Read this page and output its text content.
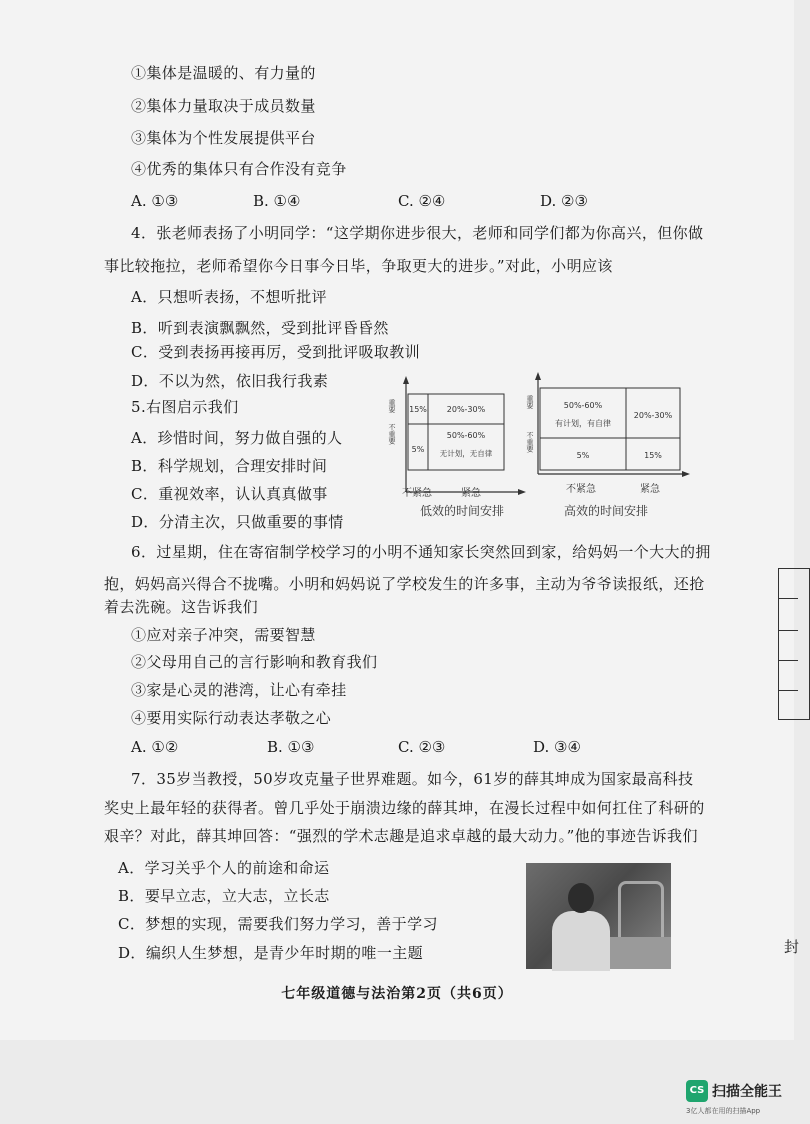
①集体是温暖的、有力量的
②集体力量取决于成员数量
③集体为个性发展提供平台
④优秀的集体只有合作没有竞争
A. ①③	B. ①④	C. ②④	D. ②③
4．张老师表扬了小明同学：“这学期你进步很大，老师和同学们都为你高兴，但你做
事比较拖拉，老师希望你今日事今日毕，争取更大的进步。”对此，小明应该
A．只想听表扬，不想听批评
B．听到表演飘飘然，受到批评昏昏然
C．受到表扬再接再厉，受到批评吸取教训
D．不以为然，依旧我行我素
5.右图启示我们
A．珍惜时间，努力做自强的人
B．科学规划，合理安排时间
C．重视效率，认认真真做事
D．分清主次，只做重要的事情
重要
不重要
15% 20%-30%
5%
50%-60%
无计划，无自律
不紧急	紧急
低效的时间安排
重要
不重要
50%-60%
有计划，有自律
20%-30%
5%	15%
不紧急	紧急
高效的时间安排
6．过星期，住在寄宿制学校学习的小明不通知家长突然回到家，给妈妈一个大大的拥
抱，妈妈高兴得合不拢嘴。小明和妈妈说了学校发生的许多事，主动为爷爷读报纸，还抢
着去洗碗。这告诉我们
①应对亲子冲突，需要智慧
②父母用自己的言行影响和教育我们
③家是心灵的港湾，让心有牵挂
④要用实际行动表达孝敬之心
A. ①②	B. ①③	C. ②③	D. ③④
7．35岁当教授，50岁攻克量子世界难题。如今，61岁的薛其坤成为国家最高科技
奖史上最年轻的获得者。曾几乎处于崩溃边缘的薛其坤，在漫长过程中如何扛住了科研的
艰辛？对此，薛其坤回答：“强烈的学术志趣是追求卓越的最大动力。”他的事迹告诉我们
A．学习关乎个人的前途和命运
B．要早立志，立大志，立长志
C．梦想的实现，需要我们努力学习，善于学习
D．编织人生梦想，是青少年时期的唯一主题
七年级道德与法治第2页（共6页）
封
CS 扫描全能王
3亿人都在用的扫描App
